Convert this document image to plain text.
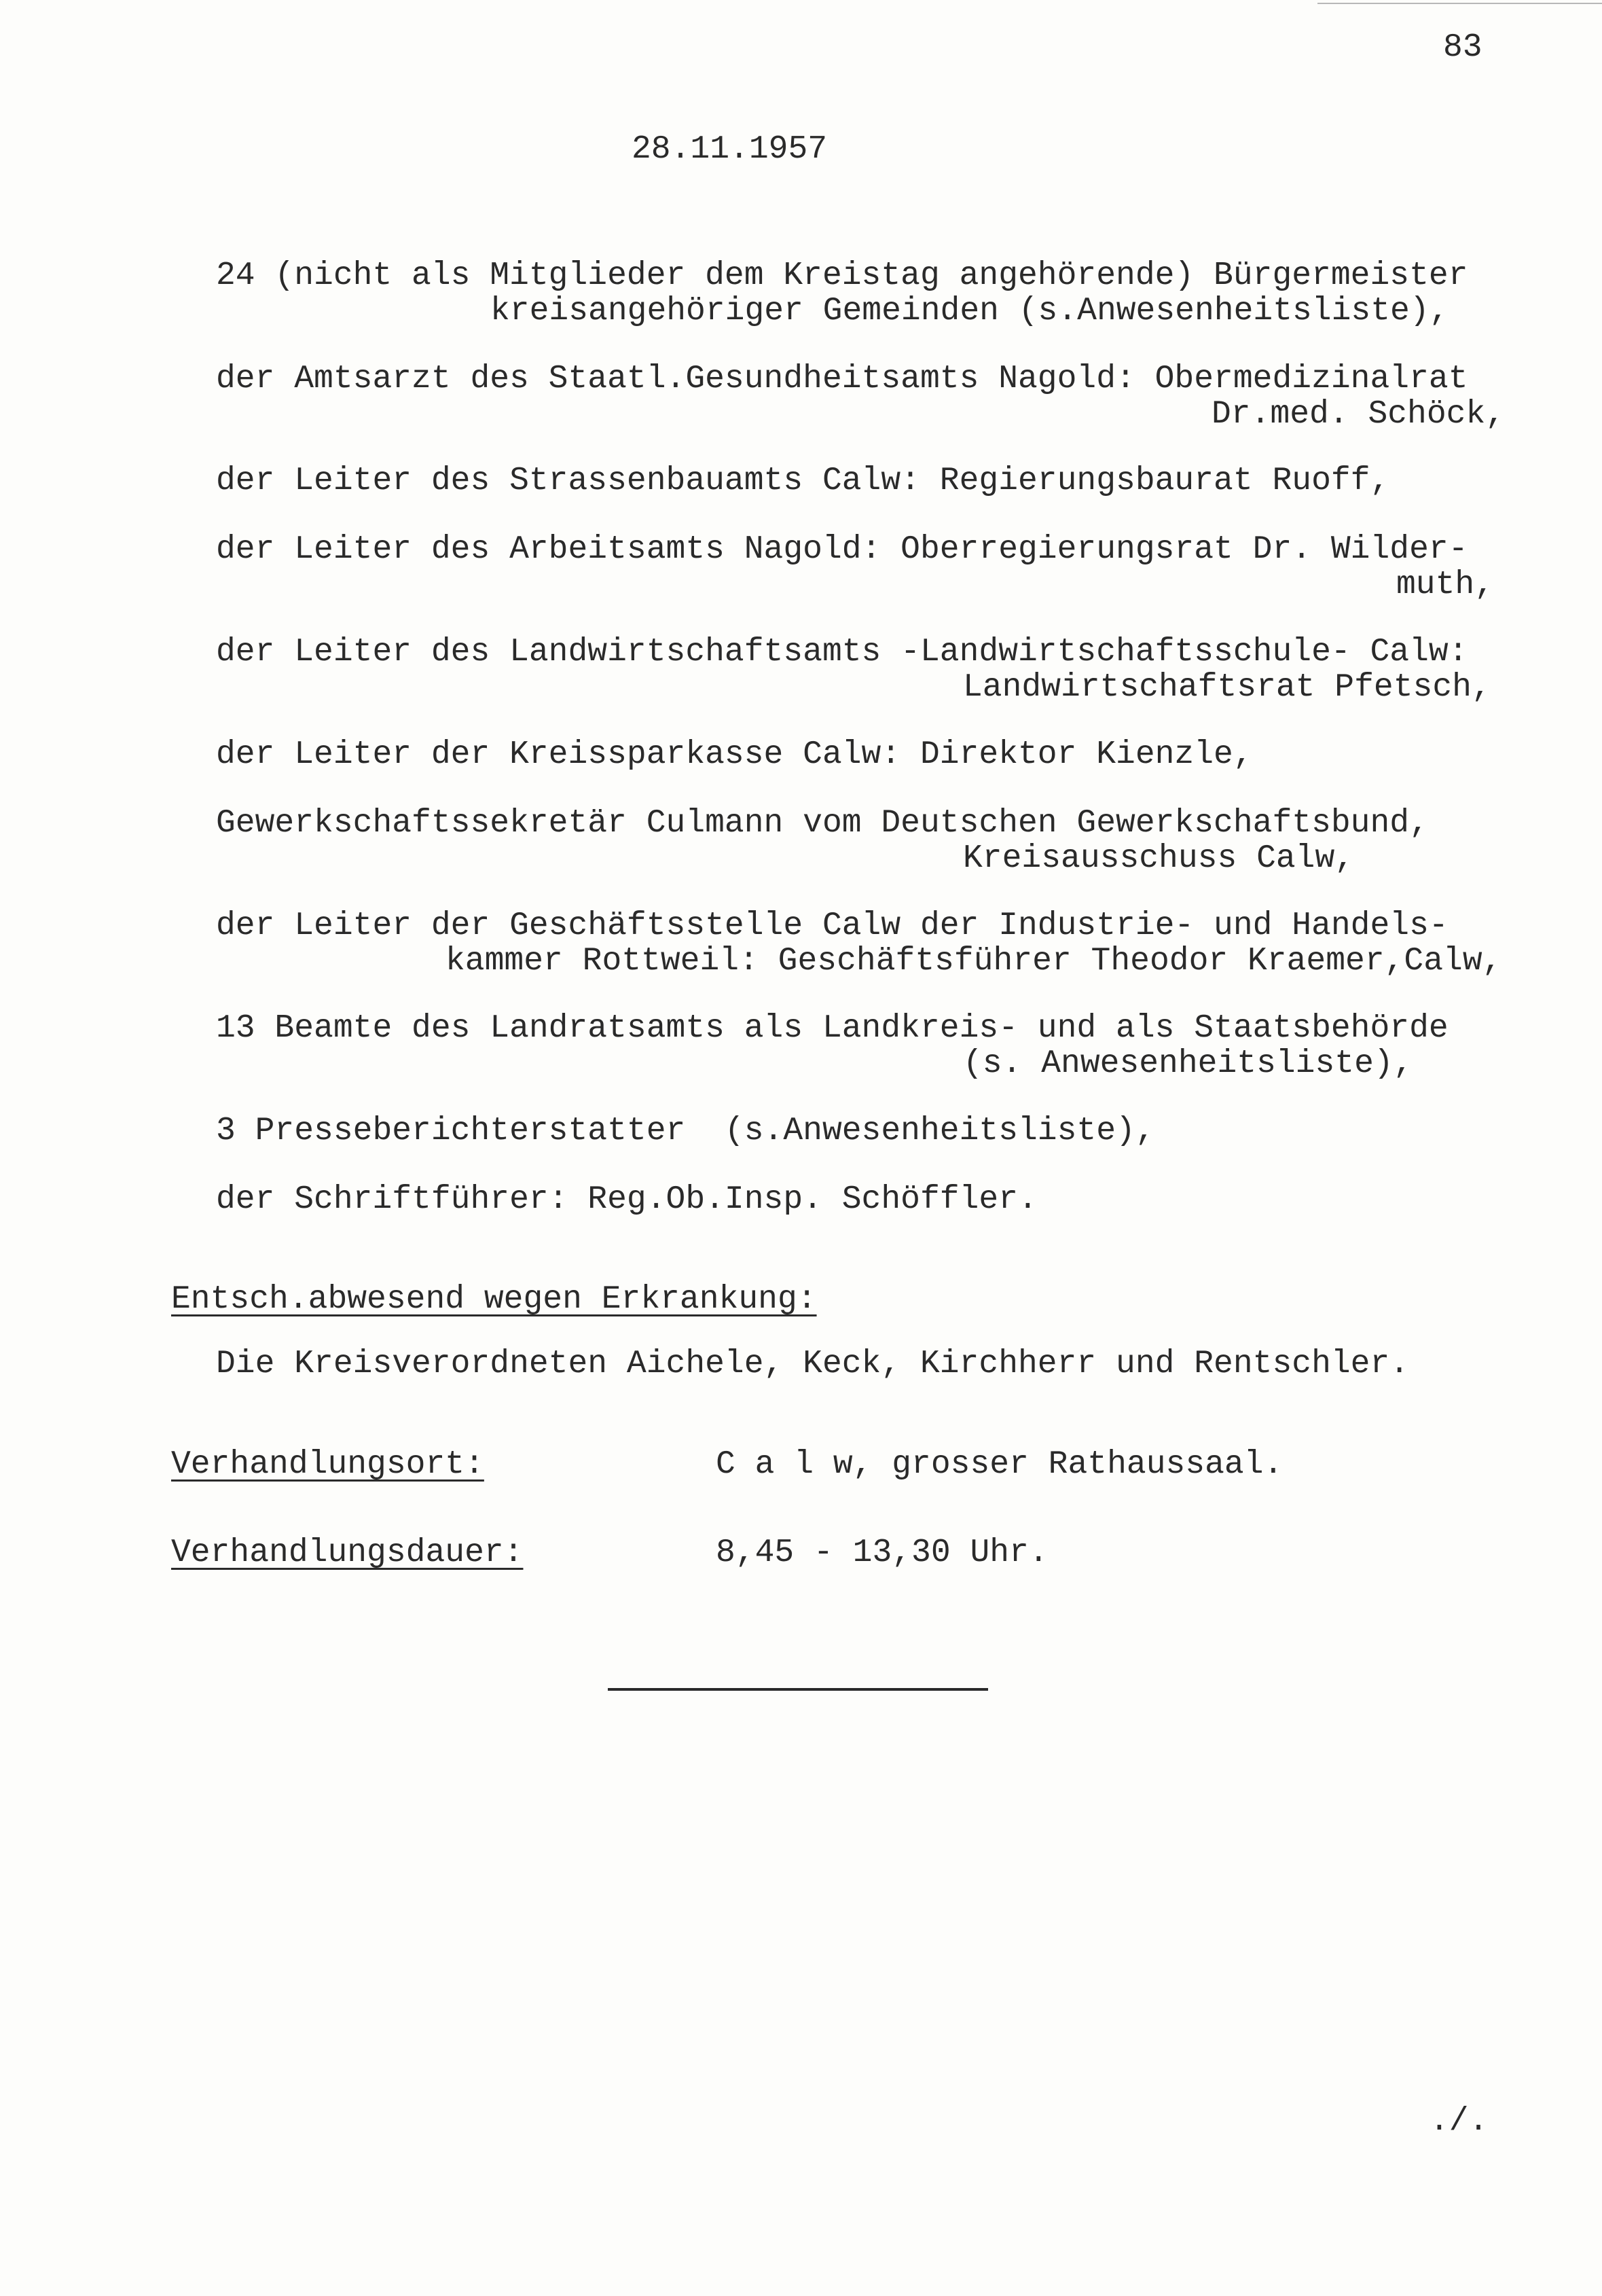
83
28.11.1957
24 (nicht als Mitglieder dem Kreistag angehörende) Bürgermeister
kreisangehöriger Gemeinden (s.Anwesenheitsliste),
der Amtsarzt des Staatl.Gesundheitsamts Nagold: Obermedizinalrat
Dr.med. Schöck,
der Leiter des Strassenbauamts Calw: Regierungsbaurat Ruoff,
der Leiter des Arbeitsamts Nagold: Oberregierungsrat Dr. Wilder-
muth,
der Leiter des Landwirtschaftsamts -Landwirtschaftsschule- Calw:
Landwirtschaftsrat Pfetsch,
der Leiter der Kreissparkasse Calw: Direktor Kienzle,
Gewerkschaftssekretär Culmann vom Deutschen Gewerkschaftsbund,
Kreisausschuss Calw,
der Leiter der Geschäftsstelle Calw der Industrie- und Handels-
kammer Rottweil: Geschäftsführer Theodor Kraemer,Calw,
13 Beamte des Landratsamts als Landkreis- und als Staatsbehörde
(s. Anwesenheitsliste),
3 Presseberichterstatter  (s.Anwesenheitsliste),
der Schriftführer: Reg.Ob.Insp. Schöffler.
Entsch.abwesend wegen Erkrankung:
Die Kreisverordneten Aichele, Keck, Kirchherr und Rentschler.
Verhandlungsort:	C a l w, grosser Rathaussaal.
Verhandlungsdauer:	8,45 - 13,30 Uhr.
./.
